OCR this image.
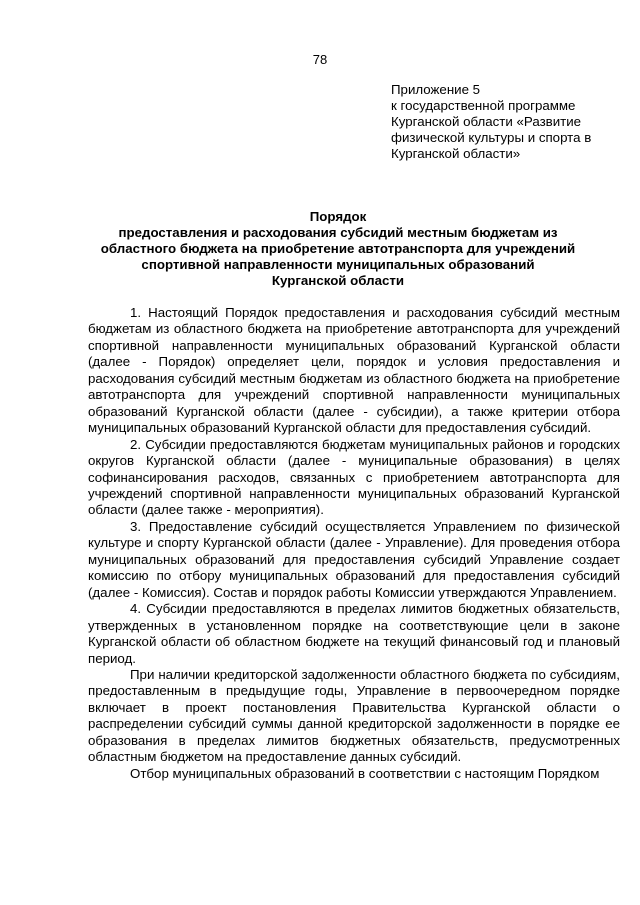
78
Приложение 5
к государственной программе
Курганской области «Развитие
физической культуры и спорта в
Курганской области»
Порядок
предоставления и расходования субсидий местным бюджетам из
областного бюджета на приобретение автотранспорта для учреждений
спортивной направленности муниципальных образований
Курганской области

1. Настоящий Порядок предоставления и расходования субсидий местным бюджетам из областного бюджета на приобретение автотранспорта для учреждений спортивной направленности муниципальных образований Курганской области (далее - Порядок) определяет цели, порядок и условия предоставления и расходования субсидий местным бюджетам из областного бюджета на приобретение автотранспорта для учреждений спортивной направленности муниципальных образований Курганской области (далее - субсидии), а также критерии отбора муниципальных образований Курганской области для предоставления субсидий.

2. Субсидии предоставляются бюджетам муниципальных районов и городских округов Курганской области (далее - муниципальные образования) в целях софинансирования расходов, связанных с приобретением автотранспорта для учреждений спортивной направленности муниципальных образований Курганской области (далее также - мероприятия).

3. Предоставление субсидий осуществляется Управлением по физической культуре и спорту Курганской области (далее - Управление). Для проведения отбора муниципальных образований для предоставления субсидий Управление создает комиссию по отбору муниципальных образований для предоставления субсидий (далее - Комиссия). Состав и порядок работы Комиссии утверждаются Управлением.

4. Субсидии предоставляются в пределах лимитов бюджетных обязательств, утвержденных в установленном порядке на соответствующие цели в законе Курганской области об областном бюджете на текущий финансовый год и плановый период.

При наличии кредиторской задолженности областного бюджета по субсидиям, предоставленным в предыдущие годы, Управление в первоочередном порядке включает в проект постановления Правительства Курганской области о распределении субсидий суммы данной кредиторской задолженности в порядке ее образования в пределах лимитов бюджетных обязательств, предусмотренных областным бюджетом на предоставление данных субсидий.

Отбор муниципальных образований в соответствии с настоящим Порядком
